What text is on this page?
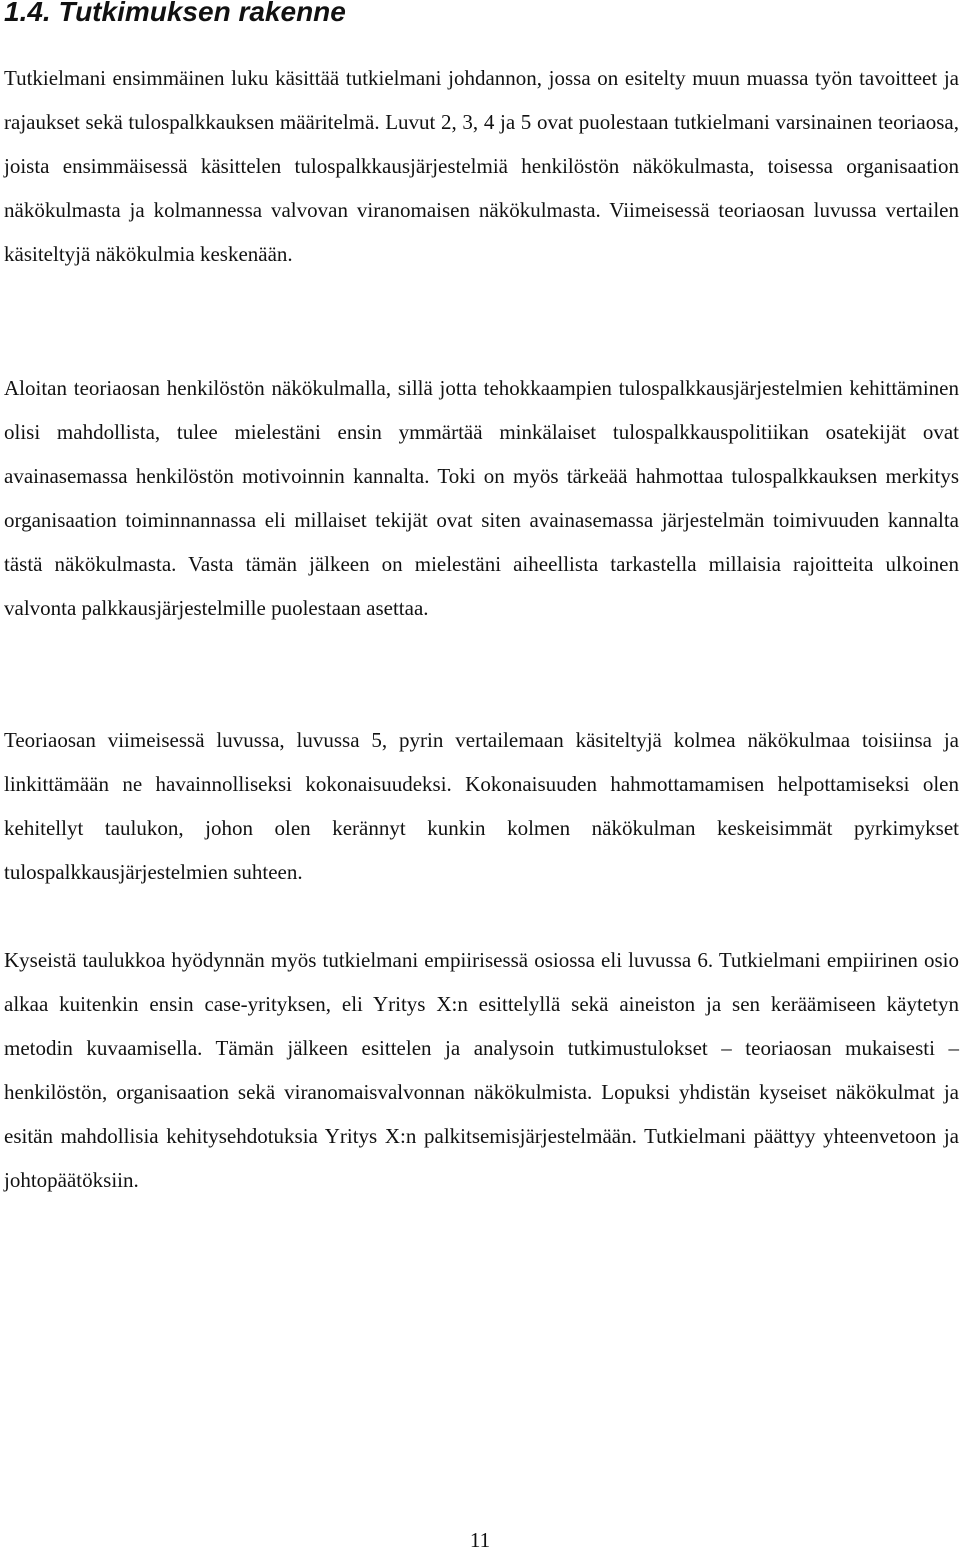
1.4. Tutkimuksen rakenne

Tutkielmani ensimmäinen luku käsittää tutkielmani johdannon, jossa on esitelty muun muassa työn tavoitteet ja rajaukset sekä tulospalkkauksen määritelmä. Luvut 2, 3, 4 ja 5 ovat puolestaan tutkielmani varsinainen teoriaosa, joista ensimmäisessä käsittelen tulospalkkausjärjestelmiä henkilöstön näkökulmasta, toisessa organisaation näkökulmasta ja kolmannessa valvovan viranomaisen näkökulmasta. Viimeisessä teoriaosan luvussa vertailen käsiteltyjä näkökulmia keskenään.

Aloitan teoriaosan henkilöstön näkökulmalla, sillä jotta tehokkaampien tulospalkkausjärjestelmien kehittäminen olisi mahdollista, tulee mielestäni ensin ymmärtää minkälaiset tulospalkkauspolitiikan osatekijät ovat avainasemassa henkilöstön motivoinnin kannalta. Toki on myös tärkeää hahmottaa tulospalkkauksen merkitys organisaation toiminnannassa eli millaiset tekijät ovat siten avainasemassa järjestelmän toimivuuden kannalta tästä näkökulmasta. Vasta tämän jälkeen on mielestäni aiheellista tarkastella millaisia rajoitteita ulkoinen valvonta palkkausjärjestelmille puolestaan asettaa.

Teoriaosan viimeisessä luvussa, luvussa 5, pyrin vertailemaan käsiteltyjä kolmea näkökulmaa toisiinsa ja linkittämään ne havainnolliseksi kokonaisuudeksi. Kokonaisuuden hahmottamamisen helpottamiseksi olen kehitellyt taulukon, johon olen kerännyt kunkin kolmen näkökulman keskeisimmät pyrkimykset tulospalkkausjärjestelmien suhteen.

Kyseistä taulukkoa hyödynnän myös tutkielmani empiirisessä osiossa eli luvussa 6. Tutkielmani empiirinen osio alkaa kuitenkin ensin case-yrityksen, eli Yritys X:n esittelyllä sekä aineiston ja sen keräämiseen käytetyn metodin kuvaamisella. Tämän jälkeen esittelen ja analysoin tutkimustulokset – teoriaosan mukaisesti – henkilöstön, organisaation sekä viranomaisvalvonnan näkökulmista. Lopuksi yhdistän kyseiset näkökulmat ja esitän mahdollisia kehitysehdotuksia Yritys X:n palkitsemisjärjestelmään. Tutkielmani päättyy yhteenvetoon ja johtopäätöksiin.

11
